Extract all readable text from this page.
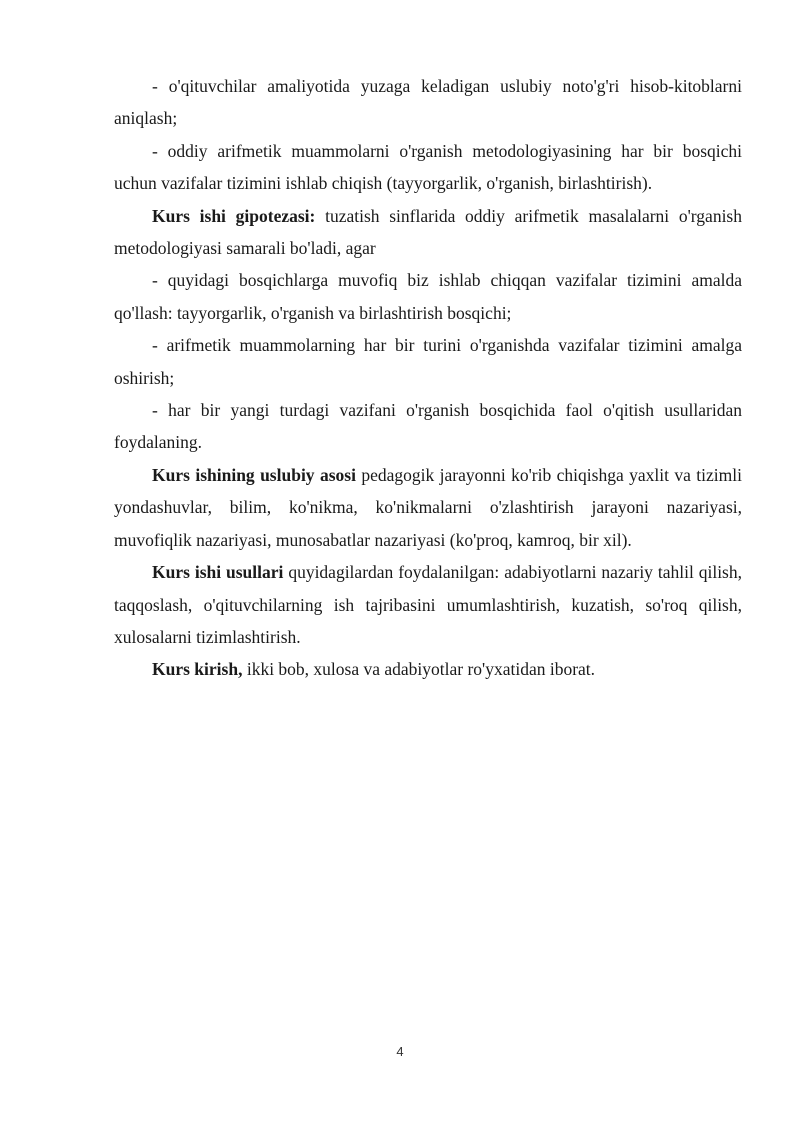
- o'qituvchilar amaliyotida yuzaga keladigan uslubiy noto'g'ri hisob-kitoblarni aniqlash;

- oddiy arifmetik muammolarni o'rganish metodologiyasining har bir bosqichi uchun vazifalar tizimini ishlab chiqish (tayyorgarlik, o'rganish, birlashtirish).

Kurs ishi gipotezasi: tuzatish sinflarida oddiy arifmetik masalalarni o'rganish metodologiyasi samarali bo'ladi, agar

- quyidagi bosqichlarga muvofiq biz ishlab chiqqan vazifalar tizimini amalda qo'llash: tayyorgarlik, o'rganish va birlashtirish bosqichi;

- arifmetik muammolarning har bir turini o'rganishda vazifalar tizimini amalga oshirish;

- har bir yangi turdagi vazifani o'rganish bosqichida faol o'qitish usullaridan foydalaning.

Kurs ishining uslubiy asosi pedagogik jarayonni ko'rib chiqishga yaxlit va tizimli yondashuvlar, bilim, ko'nikma, ko'nikmalarni o'zlashtirish jarayoni nazariyasi, muvofiqlik nazariyasi, munosabatlar nazariyasi (ko'proq, kamroq, bir xil).

Kurs ishi usullari quyidagilardan foydalanilgan: adabiyotlarni nazariy tahlil qilish, taqqoslash, o'qituvchilarning ish tajribasini umumlashtirish, kuzatish, so'roq qilish, xulosalarni tizimlashtirish.

Kurs kirish, ikki bob, xulosa va adabiyotlar ro'yxatidan iborat.

4
